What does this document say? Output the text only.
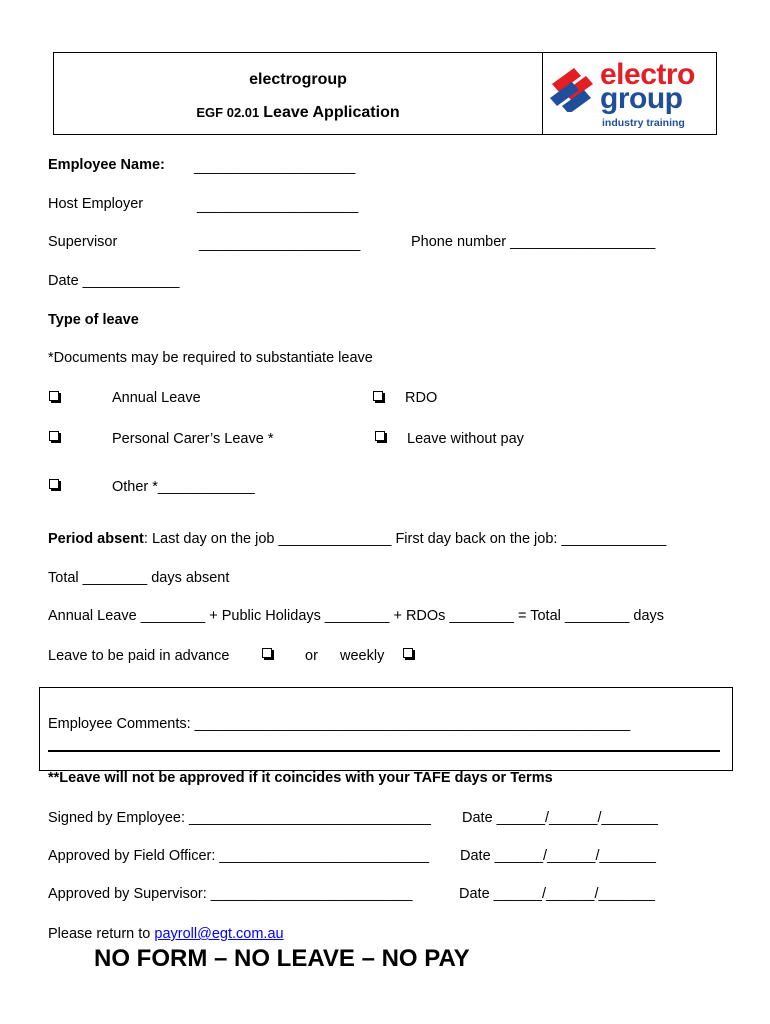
electrogroup
EGF 02.01 Leave Application
electro
group
industry training
Employee Name: ____________________
Host Employer	____________________
Supervisor	____________________	Phone number __________________
Date ____________
Type of leave
*Documents may be required to substantiate leave
Annual Leave	RDO
Personal Carer’s Leave *	Leave without pay
Other *____________
Period absent: Last day on the job ______________ First day back on the job: _____________
Total ________ days absent
Annual Leave ________ + Public Holidays ________ + RDOs ________ = Total ________ days
Leave to be paid in advance	or weekly
Employee Comments: ______________________________________________________
**Leave will not be approved if it coincides with your TAFE days or Terms
Signed by Employee: ______________________________ Date ______/______/_______
Approved by Field Officer: __________________________ Date ______/______/_______
Approved by Supervisor: _________________________	Date ______/______/_______
Please return to payroll@egt.com.au
NO FORM – NO LEAVE – NO PAY
